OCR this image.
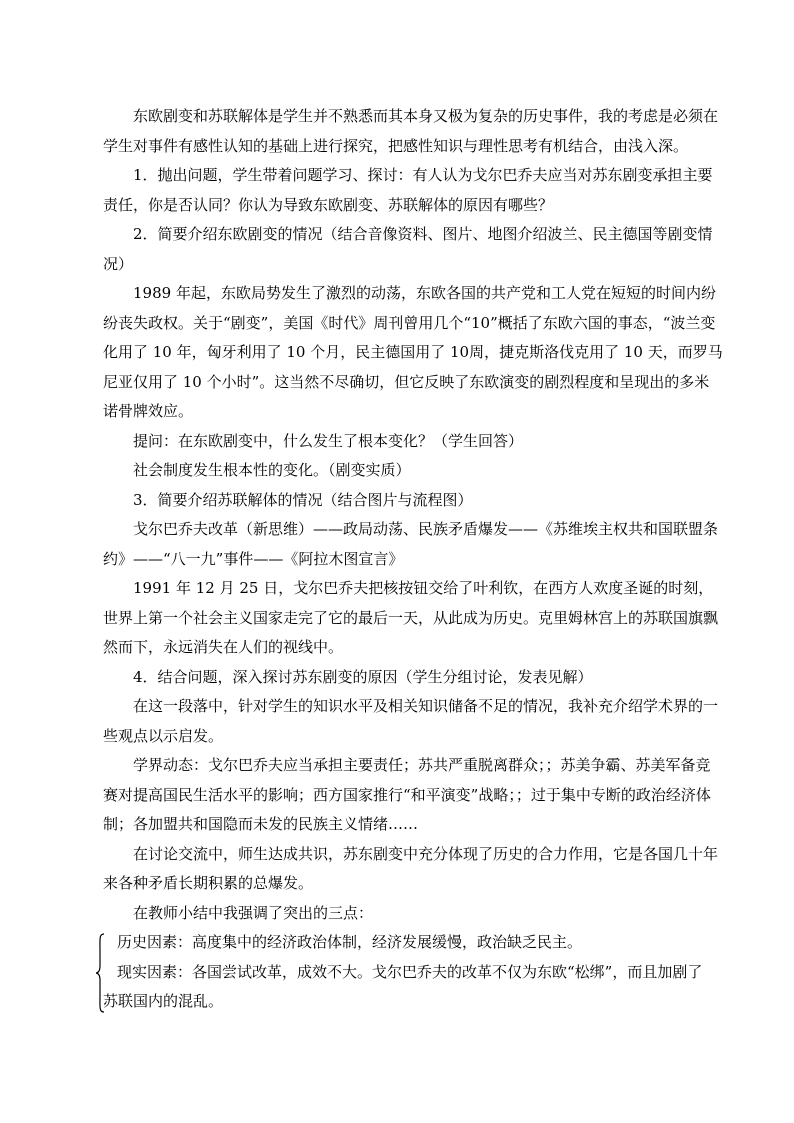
东欧剧变和苏联解体是学生并不熟悉而其本身又极为复杂的历史事件，我的考虑是必须在学生对事件有感性认知的基础上进行探究，把感性知识与理性思考有机结合，由浅入深。

1．抛出问题，学生带着问题学习、探讨：有人认为戈尔巴乔夫应当对苏东剧变承担主要责任，你是否认同？你认为导致东欧剧变、苏联解体的原因有哪些？

2．简要介绍东欧剧变的情况（结合音像资料、图片、地图介绍波兰、民主德国等剧变情况）

1989 年起，东欧局势发生了激烈的动荡，东欧各国的共产党和工人党在短短的时间内纷纷丧失政权。关于“剧变”，美国《时代》周刊曾用几个“10”概括了东欧六国的事态，“波兰变化用了 10 年，匈牙利用了 10 个月，民主德国用了 10周，捷克斯洛伐克用了 10 天，而罗马尼亚仅用了 10 个小时”。这当然不尽确切，但它反映了东欧演变的剧烈程度和呈现出的多米诺骨牌效应。

提问：在东欧剧变中，什么发生了根本变化？（学生回答）

社会制度发生根本性的变化。（剧变实质）

3．简要介绍苏联解体的情况（结合图片与流程图）

戈尔巴乔夫改革（新思维）——政局动荡、民族矛盾爆发——《苏维埃主权共和国联盟条约》——“八一九”事件——《阿拉木图宣言》

1991 年 12 月 25 日，戈尔巴乔夫把核按钮交给了叶利钦，在西方人欢度圣诞的时刻，世界上第一个社会主义国家走完了它的最后一天，从此成为历史。克里姆林宫上的苏联国旗飘然而下，永远消失在人们的视线中。

4．结合问题，深入探讨苏东剧变的原因（学生分组讨论，发表见解）

在这一段落中，针对学生的知识水平及相关知识储备不足的情况，我补充介绍学术界的一些观点以示启发。

学界动态：戈尔巴乔夫应当承担主要责任；苏共严重脱离群众；；苏美争霸、苏美军备竞赛对提高国民生活水平的影响；西方国家推行“和平演变”战略；；过于集中专断的政治经济体制；各加盟共和国隐而未发的民族主义情绪……

在讨论交流中，师生达成共识，苏东剧变中充分体现了历史的合力作用，它是各国几十年来各种矛盾长期积累的总爆发。

在教师小结中我强调了突出的三点：

历史因素：高度集中的经济政治体制，经济发展缓慢，政治缺乏民主。

现实因素：各国尝试改革，成效不大。戈尔巴乔夫的改革不仅为东欧“松绑”，而且加剧了

苏联国内的混乱。
